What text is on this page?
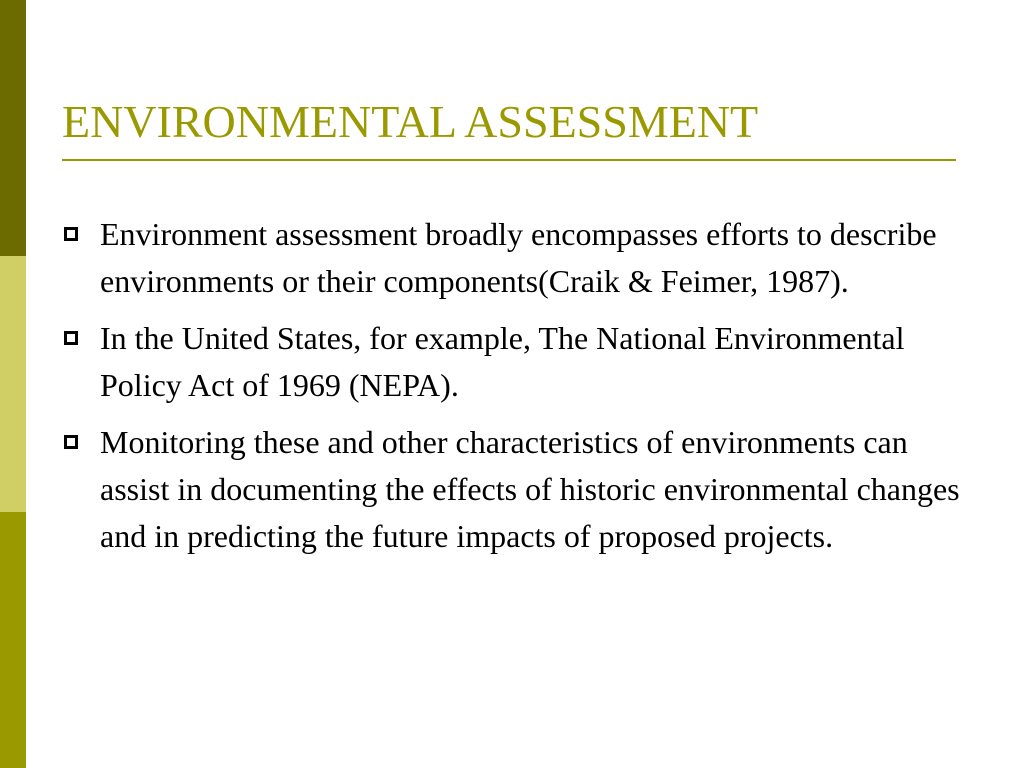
ENVIRONMENTAL ASSESSMENT
Environment assessment broadly encompasses efforts to describe environments or their components(Craik & Feimer, 1987).
In the United States, for example, The National Environmental Policy Act of 1969 (NEPA).
Monitoring these and other characteristics of environments can assist in documenting the effects of historic environmental changes and in predicting the future impacts of proposed projects.
